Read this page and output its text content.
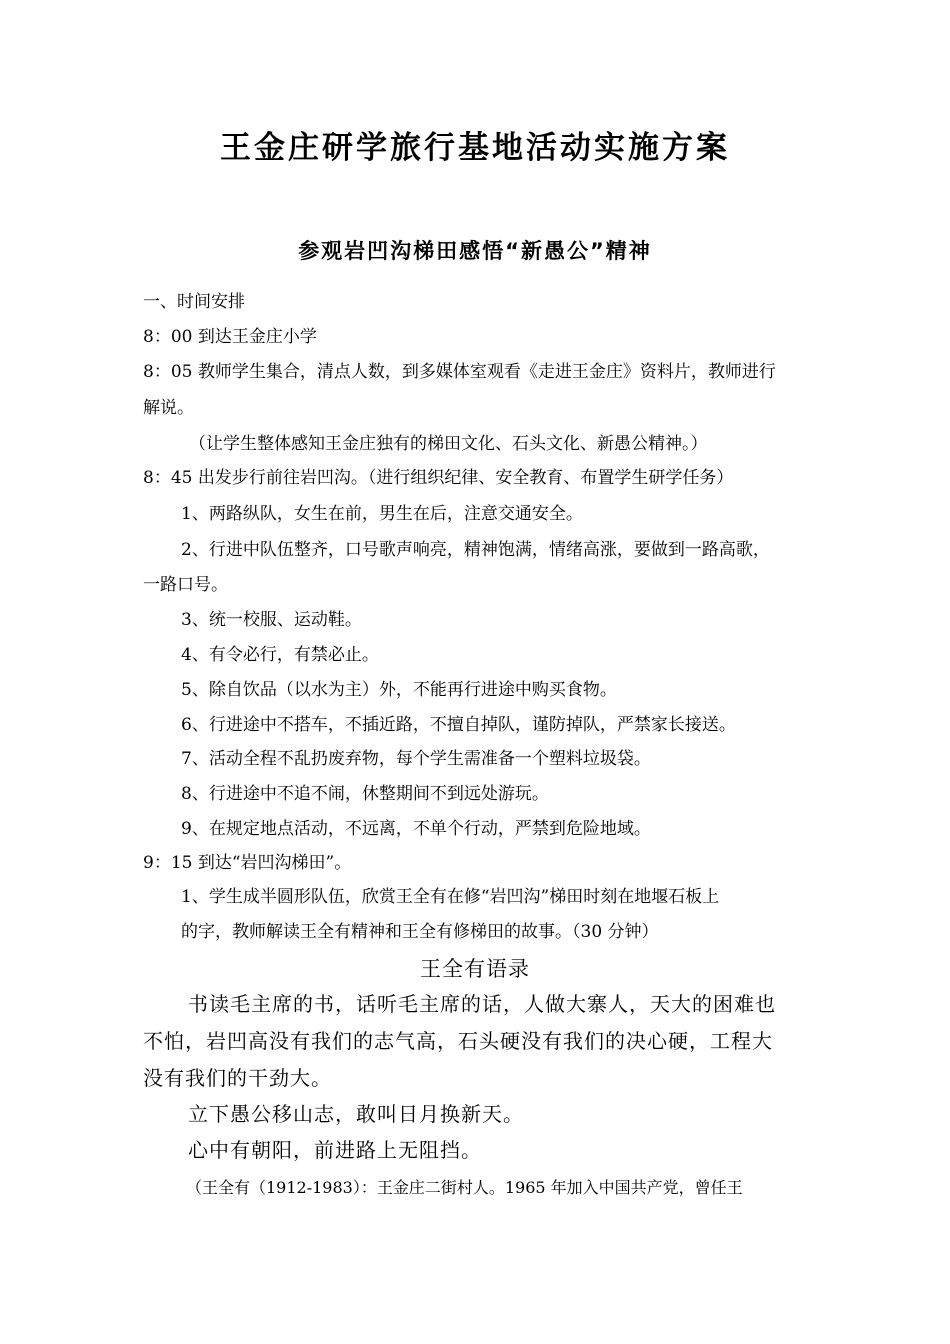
王金庄研学旅行基地活动实施方案
参观岩凹沟梯田感悟“新愚公”精神
一、时间安排
8：00 到达王金庄小学
8：05 教师学生集合，清点人数，到多媒体室观看《走进王金庄》资料片，教师进行
解说。
（让学生整体感知王金庄独有的梯田文化、石头文化、新愚公精神。）
8：45 出发步行前往岩凹沟。（进行组织纪律、安全教育、布置学生研学任务）
1、两路纵队，女生在前，男生在后，注意交通安全。
2、行进中队伍整齐，口号歌声响亮，精神饱满，情绪高涨，要做到一路高歌，
一路口号。
3、统一校服、运动鞋。
4、有令必行，有禁必止。
5、除自饮品（以水为主）外，不能再行进途中购买食物。
6、行进途中不搭车，不插近路，不擅自掉队，谨防掉队，严禁家长接送。
7、活动全程不乱扔废弃物，每个学生需准备一个塑料垃圾袋。
8、行进途中不追不闹，休整期间不到远处游玩。
9、在规定地点活动，不远离，不单个行动，严禁到危险地域。
9：15 到达“岩凹沟梯田”。
1、学生成半圆形队伍，欣赏王全有在修“岩凹沟”梯田时刻在地堰石板上
的字，教师解读王全有精神和王全有修梯田的故事。（30 分钟）
王全有语录
书读毛主席的书，话听毛主席的话，人做大寨人，天大的困难也
不怕，岩凹高没有我们的志气高，石头硬没有我们的决心硬，工程大
没有我们的干劲大。
立下愚公移山志，敢叫日月换新天。
心中有朝阳，前进路上无阻挡。
（王全有（1912-1983）：王金庄二街村人。1965 年加入中国共产党，曾任王
